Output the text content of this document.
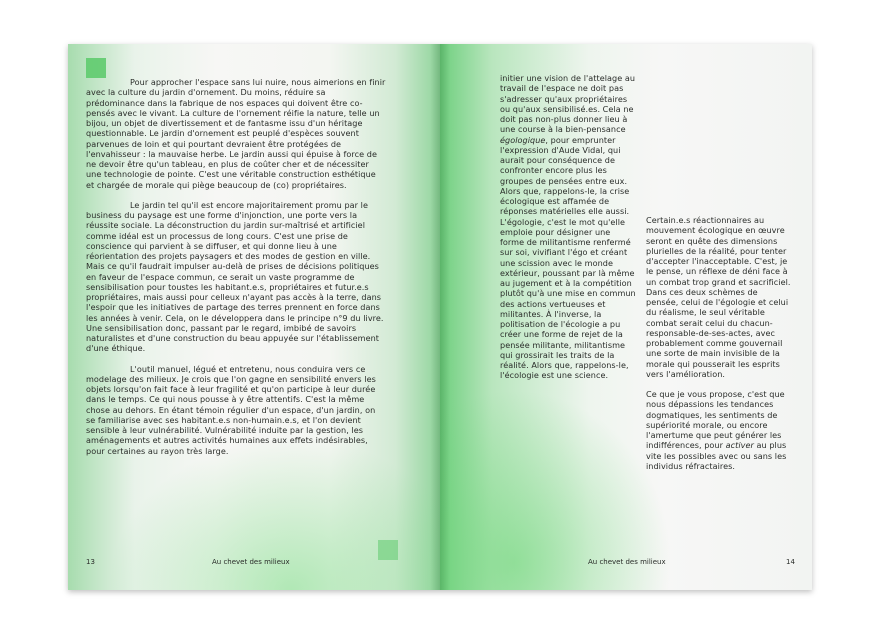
Pour approcher l'espace sans lui nuire, nous aimerions en finir avec la culture du jardin d'ornement. Du moins, réduire sa prédominance dans la fabrique de nos espaces qui doivent être co-pensés avec le vivant. La culture de l'ornement réifie la nature, telle un bijou, un objet de divertissement et de fantasme issu d'un héritage questionnable. Le jardin d'ornement est peuplé d'espèces souvent parvenues de loin et qui pourtant devraient être protégées de l'envahisseur : la mauvaise herbe. Le jardin aussi qui épuise à force de ne devoir être qu'un tableau, en plus de coûter cher et de nécessiter une technologie de pointe. C'est une véritable construction esthétique et chargée de morale qui piège beaucoup de (co) propriétaires.

Le jardin tel qu'il est encore majoritairement promu par le business du paysage est une forme d'injonction, une porte vers la réussite sociale. La déconstruction du jardin sur-maîtrisé et artificiel comme idéal est un processus de long cours. C'est une prise de conscience qui parvient à se diffuser, et qui donne lieu à une réorientation des projets paysagers et des modes de gestion en ville. Mais ce qu'il faudrait impulser au-delà de prises de décisions politiques en faveur de l'espace commun, ce serait un vaste programme de sensibilisation pour toustes les habitant.e.s, propriétaires et futur.e.s propriétaires, mais aussi pour celleux n'ayant pas accès à la terre, dans l'espoir que les initiatives de partage des terres prennent en force dans les années à venir. Cela, on le développera dans le principe n°9 du livre. Une sensibilisation donc, passant par le regard, imbibé de savoirs naturalistes et d'une construction du beau appuyée sur l'établissement d'une éthique.

L'outil manuel, légué et entretenu, nous conduira vers ce modelage des milieux. Je crois que l'on gagne en sensibilité envers les objets lorsqu'on fait face à leur fragilité et qu'on participe à leur durée dans le temps. Ce qui nous pousse à y être attentifs. C'est la même chose au dehors. En étant témoin régulier d'un espace, d'un jardin, on se familiarise avec ses habitant.e.s non-humain.e.s, et l'on devient sensible à leur vulnérabilité. Vulnérabilité induite par la gestion, les aménagements et autres activités humaines aux effets indésirables, pour certaines au rayon très large.

13	Au chevet des milieux

initier une vision de l'attelage au travail de l'espace ne doit pas s'adresser qu'aux propriétaires ou qu'aux sensibilisé.es. Cela ne doit pas non-plus donner lieu à une course à la bien-pensance égologique, pour emprunter l'expression d'Aude Vidal, qui aurait pour conséquence de confronter encore plus les groupes de pensées entre eux. Alors que, rappelons-le, la crise écologique est affamée de réponses matérielles elle aussi. L'égologie, c'est le mot qu'elle emploie pour désigner une forme de militantisme renfermé sur soi, vivifiant l'égo et créant une scission avec le monde extérieur, poussant par là même au jugement et à la compétition plutôt qu'à une mise en commun des actions vertueuses et militantes. À l'inverse, la politisation de l'écologie a pu créer une forme de rejet de la pensée militante, militantisme qui grossirait les traits de la réalité. Alors que, rappelons-le, l'écologie est une science.

Certain.e.s réactionnaires au mouvement écologique en œuvre seront en quête des dimensions plurielles de la réalité, pour tenter d'accepter l'inacceptable. C'est, je le pense, un réflexe de déni face à un combat trop grand et sacrificiel. Dans ces deux schèmes de pensée, celui de l'égologie et celui du réalisme, le seul véritable combat serait celui du chacun-responsable-de-ses-actes, avec probablement comme gouvernail une sorte de main invisible de la morale qui pousserait les esprits vers l'amélioration.

Ce que je vous propose, c'est que nous dépassions les tendances dogmatiques, les sentiments de supériorité morale, ou encore l'amertume que peut générer les indifférences, pour activer au plus vite les possibles avec ou sans les individus réfractaires.

Au chevet des milieux	14
